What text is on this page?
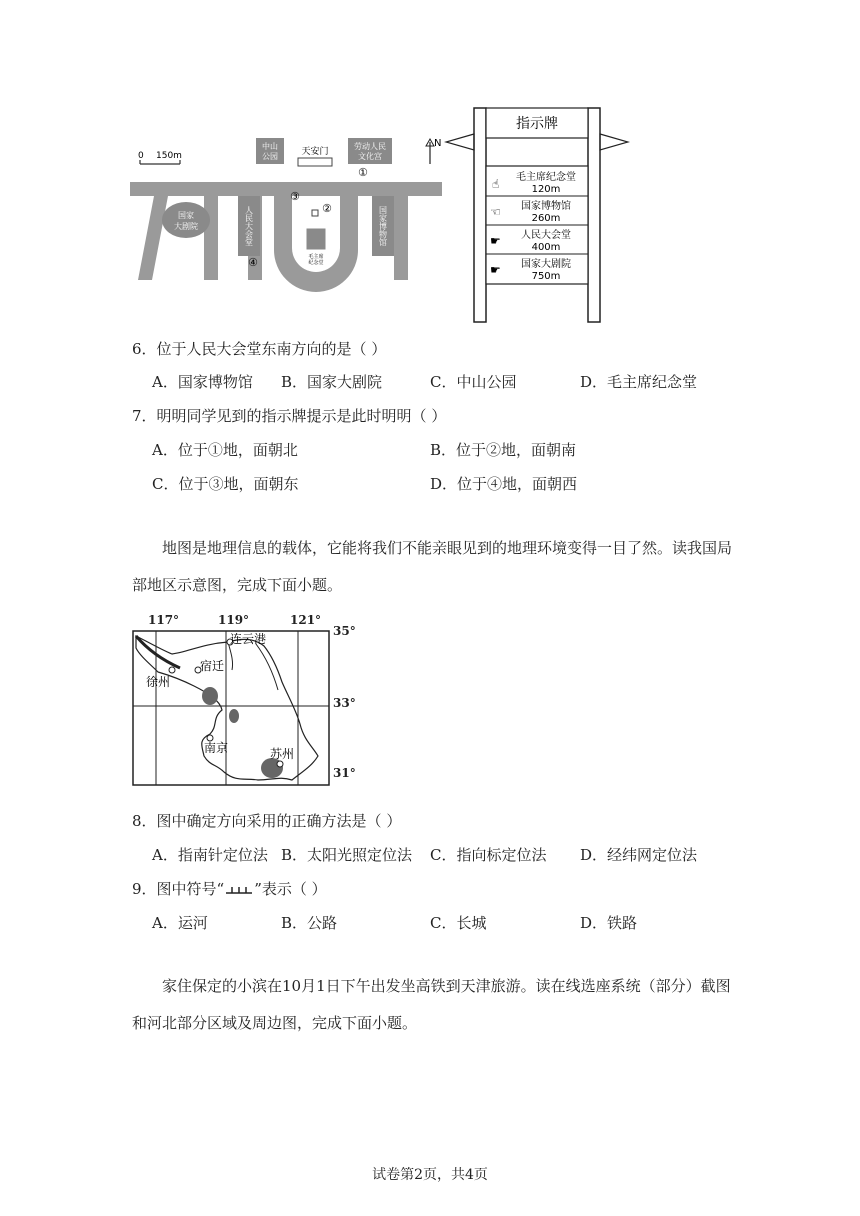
0 150m
中山
公园	天安门
劳动人民
文化宫
国家
大剧院	人民大会堂	国家博物馆
毛主席
纪念堂
①
②
③
④
N
指示牌
☝
☜
☛
☛
毛主席纪念堂
120m
国家博物馆
260m
人民大会堂
400m
国家大剧院
750m
6．位于人民大会堂东南方向的是（ ）
A．国家博物馆 B．国家大剧院	C．中山公园	D．毛主席纪念堂
7．明明同学见到的指示牌提示是此时明明（ ）
A．位于①地，面朝北	B．位于②地，面朝南
C．位于③地，面朝东	D．位于④地，面朝西
地图是地理信息的载体，它能将我们不能亲眼见到的地理环境变得一目了然。读我国局部地区示意图，完成下面小题。
117°	119°	121°
35°
33°
31°
连云港
宿迁
徐州
南京	苏州
8．图中确定方向采用的正确方法是（ ）
A．指南针定位法 B．太阳光照定位法 C．指向标定位法 D．经纬网定位法
9．图中符号“ ”表示（ ）
A．运河	B．公路	C．长城	D．铁路
家住保定的小滨在10月1日下午出发坐高铁到天津旅游。读在线选座系统（部分）截图和河北部分区域及周边图，完成下面小题。
试卷第2页，共4页
